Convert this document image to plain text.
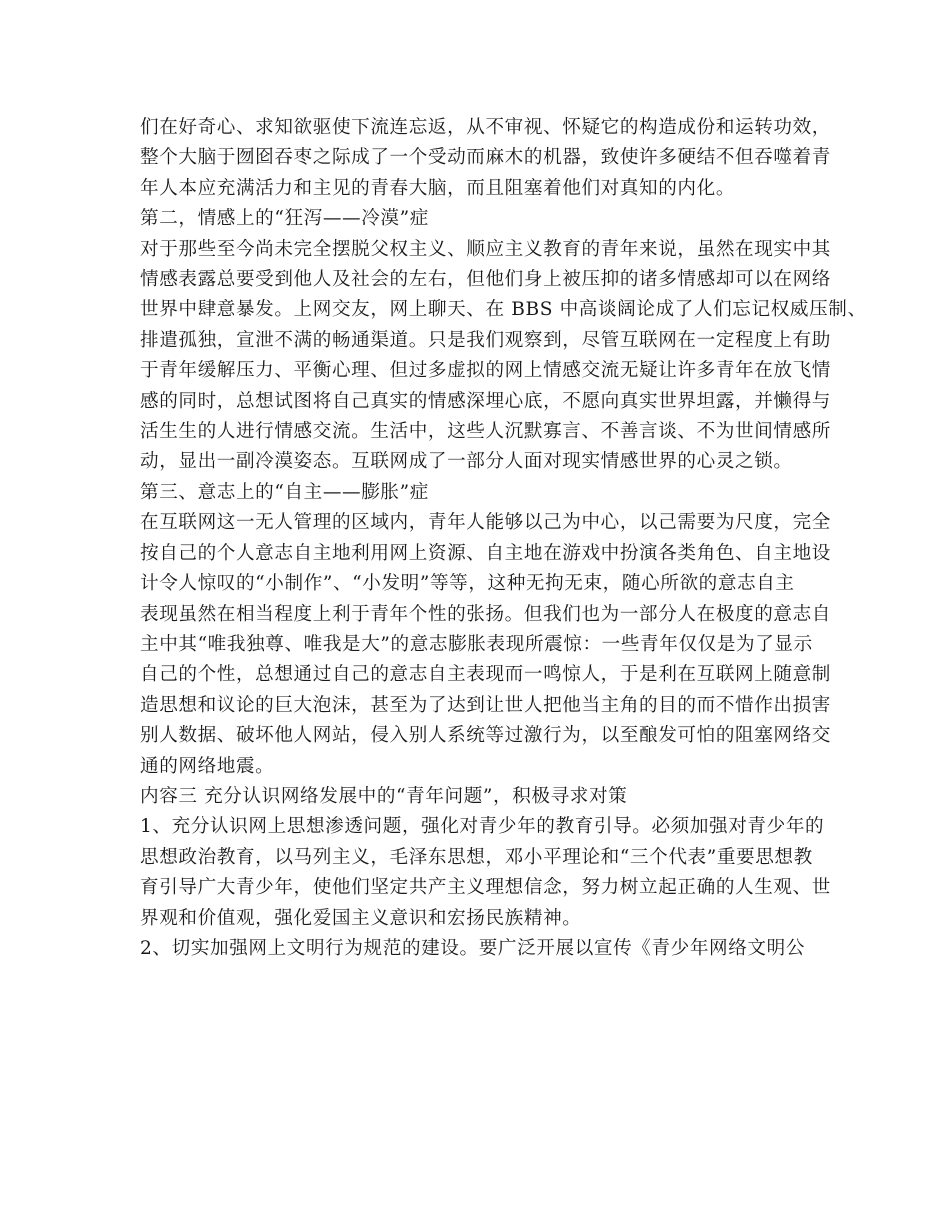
们在好奇心、求知欲驱使下流连忘返，从不审视、怀疑它的构造成份和运转功效，
整个大脑于囫囵吞枣之际成了一个受动而麻木的机器，致使许多硬结不但吞噬着青
年人本应充满活力和主见的青春大脑，而且阻塞着他们对真知的内化。

第二，情感上的“狂泻——冷漠”症

对于那些至今尚未完全摆脱父权主义、顺应主义教育的青年来说，虽然在现实中其
情感表露总要受到他人及社会的左右，但他们身上被压抑的诸多情感却可以在网络
世界中肆意暴发。上网交友，网上聊天、在 BBS 中高谈阔论成了人们忘记权威压制、
排遣孤独，宣泄不满的畅通渠道。只是我们观察到，尽管互联网在一定程度上有助
于青年缓解压力、平衡心理、但过多虚拟的网上情感交流无疑让许多青年在放飞情
感的同时，总想试图将自己真实的情感深埋心底，不愿向真实世界坦露，并懒得与
活生生的人进行情感交流。生活中，这些人沉默寡言、不善言谈、不为世间情感所
动，显出一副冷漠姿态。互联网成了一部分人面对现实情感世界的心灵之锁。

第三、意志上的“自主——膨胀”症

在互联网这一无人管理的区域内，青年人能够以己为中心，以己需要为尺度，完全
按自己的个人意志自主地利用网上资源、自主地在游戏中扮演各类角色、自主地设
计令人惊叹的“小制作”、“小发明”等等，这种无拘无束，随心所欲的意志自主
表现虽然在相当程度上利于青年个性的张扬。但我们也为一部分人在极度的意志自
主中其“唯我独尊、唯我是大”的意志膨胀表现所震惊：一些青年仅仅是为了显示
自己的个性，总想通过自己的意志自主表现而一鸣惊人，于是利在互联网上随意制
造思想和议论的巨大泡沫，甚至为了达到让世人把他当主角的目的而不惜作出损害
别人数据、破坏他人网站，侵入别人系统等过激行为，以至酿发可怕的阻塞网络交
通的网络地震。

内容三 充分认识网络发展中的“青年问题”，积极寻求对策

1、充分认识网上思想渗透问题，强化对青少年的教育引导。必须加强对青少年的
思想政治教育，以马列主义，毛泽东思想，邓小平理论和“三个代表”重要思想教
育引导广大青少年，使他们坚定共产主义理想信念，努力树立起正确的人生观、世
界观和价值观，强化爱国主义意识和宏扬民族精神。

2、切实加强网上文明行为规范的建设。要广泛开展以宣传《青少年网络文明公
